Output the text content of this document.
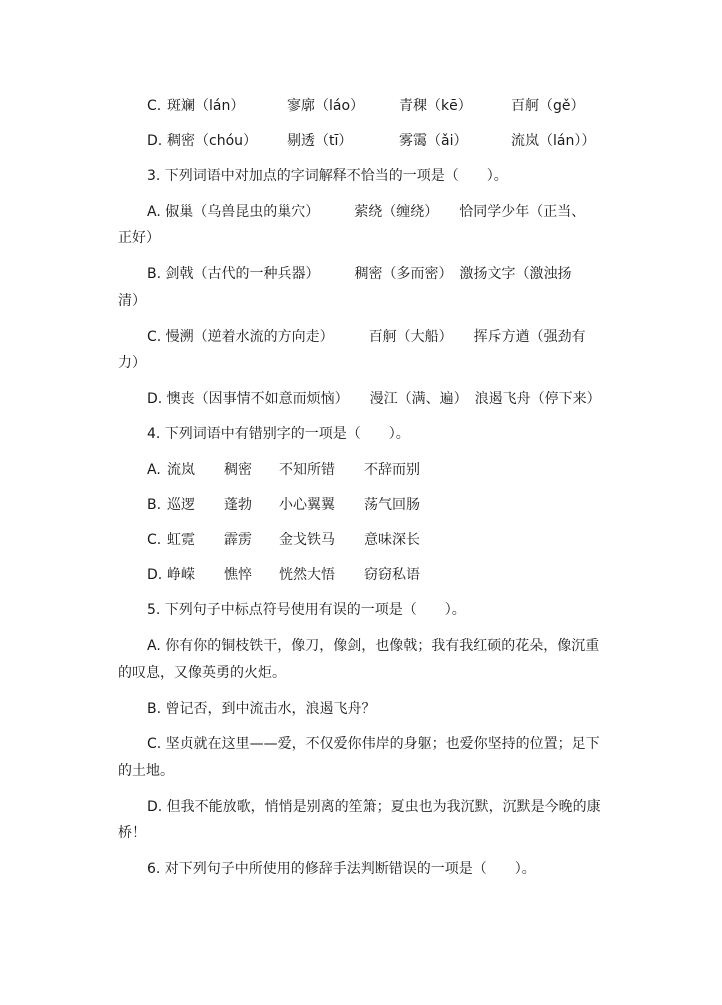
C. 斑斓（lán）	寥廓（láo） 青稞（kē）	百舸（gě）
D. 稠密（chóu） 剔透（tī）	雾霭（ǎi）	流岚（lán））
3. 下列词语中对加点的字词解释不恰当的一项是（　　）。
A. 俶巢（乌兽昆虫的巢穴）　　　萦绕（缠绕）　　恰同学少年（正当、
正好）
B. 剑戟（古代的一种兵器）　　　稠密（多而密）　激扬文字（激浊扬
清）
C. 慢溯（逆着水流的方向走）　　　百舸（大船）　　挥斥方遒（强劲有
力）
D. 懊丧（因事情不如意而烦恼）　　漫江（满、遍）　浪遏飞舟（停下来）
4. 下列词语中有错别字的一项是（　　）。
A. 流岚 稠密 不知所错 不辞而别
B. 巡逻 蓬勃 小心翼翼 荡气回肠
C. 虹霓 霹雳 金戈铁马 意味深长
D. 峥嵘 憔悴 恍然大悟 窃窃私语
5. 下列句子中标点符号使用有误的一项是（　　）。
A. 你有你的铜枝铁干，像刀，像剑，也像戟；我有我红硕的花朵，像沉重
的叹息，又像英勇的火炬。
B. 曾记否，到中流击水，浪遏飞舟？
C. 坚贞就在这里——爱，不仅爱你伟岸的身躯；也爱你坚持的位置；足下
的土地。
D. 但我不能放歌，悄悄是别离的笙箫；夏虫也为我沉默，沉默是今晚的康
桥！
6. 对下列句子中所使用的修辞手法判断错误的一项是（　　）。
